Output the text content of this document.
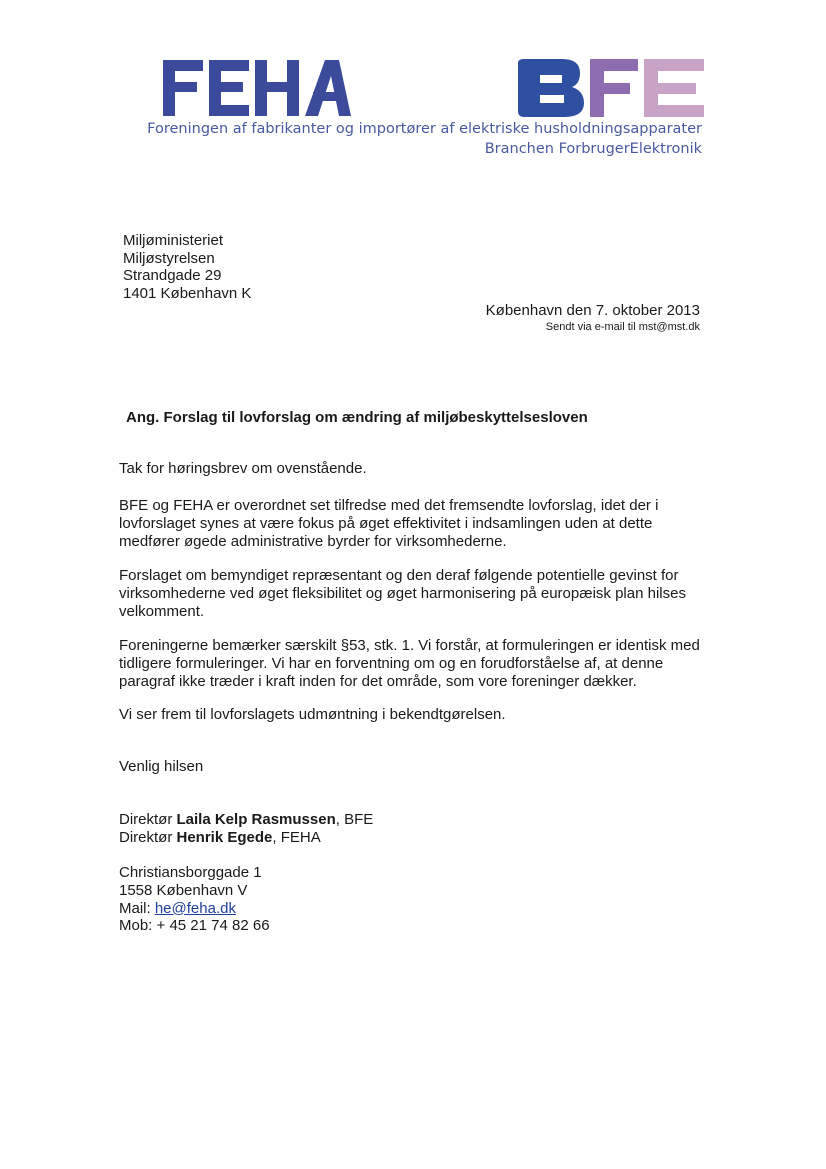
Foreningen af fabrikanter og importører af elektriske husholdningsapparater
Branchen ForbrugerElektronik
Miljøministeriet
Miljøstyrelsen
Strandgade 29
1401 København K
København den 7. oktober 2013
Sendt via e-mail til mst@mst.dk
Ang. Forslag til lovforslag om ændring af miljøbeskyttelsesloven
Tak for høringsbrev om ovenstående.
BFE og FEHA er overordnet set tilfredse med det fremsendte lovforslag, idet der i lovforslaget synes at være fokus på øget effektivitet i indsamlingen uden at dette medfører øgede administrative byrder for virksomhederne.
Forslaget om bemyndiget repræsentant og den deraf følgende potentielle gevinst for virksomhederne ved øget fleksibilitet og øget harmonisering på europæisk plan hilses velkomment.
Foreningerne bemærker særskilt §53, stk. 1. Vi forstår, at formuleringen er identisk med tidligere formuleringer. Vi har en forventning om og en forudforståelse af, at denne paragraf ikke træder i kraft inden for det område, som vore foreninger dækker.
Vi ser frem til lovforslagets udmøntning i bekendtgørelsen.
Venlig hilsen
Direktør Laila Kelp Rasmussen, BFE
Direktør Henrik Egede, FEHA
Christiansborggade 1
1558 København V
Mail: he@feha.dk
Mob: + 45 21 74 82 66
